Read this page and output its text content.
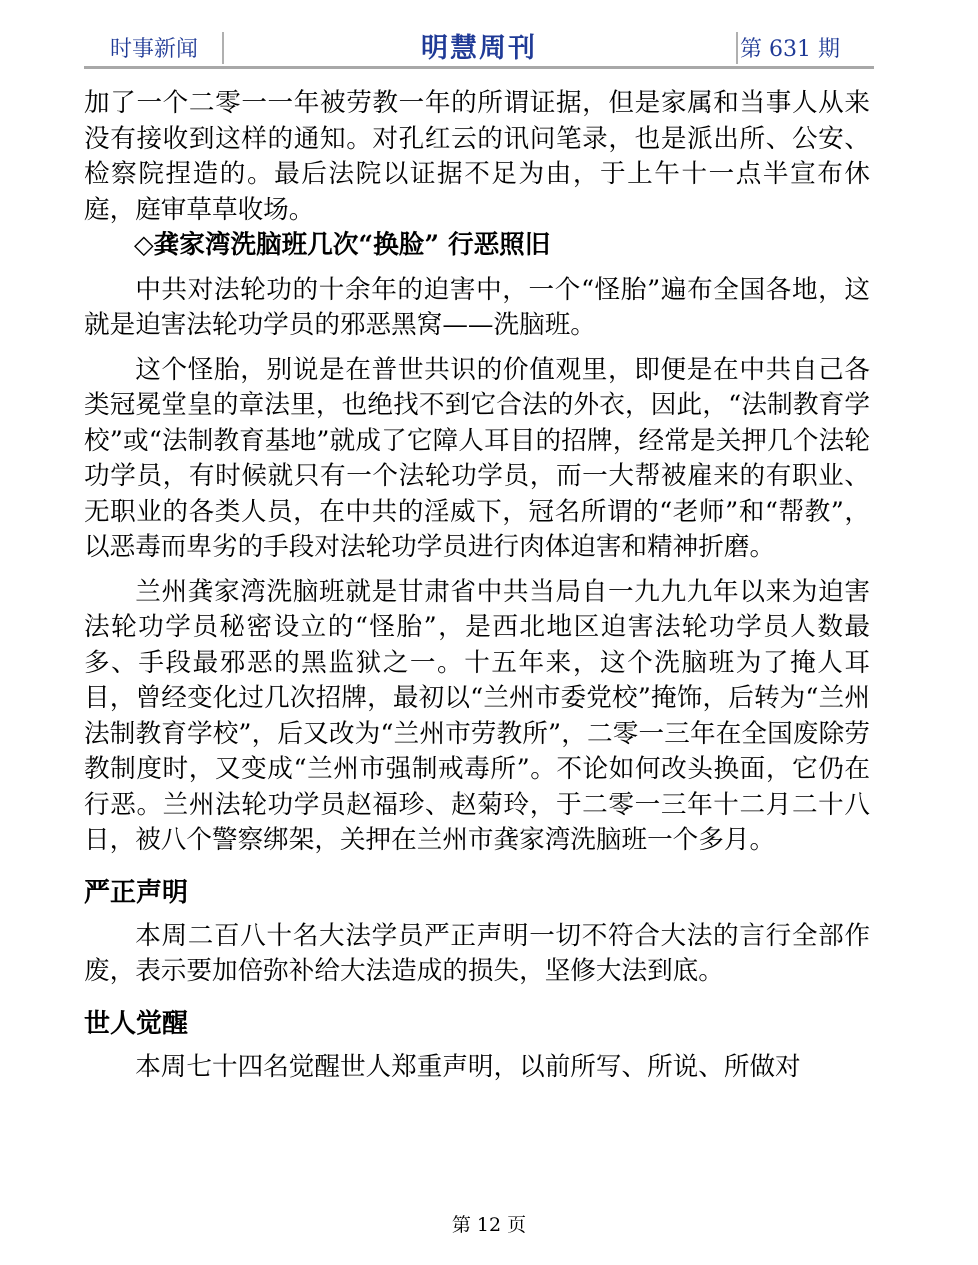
时事新闻	明慧周刊	第 631 期

加了一个二零一一年被劳教一年的所谓证据，但是家属和当事人从来没有接收到这样的通知。对孔红云的讯问笔录，也是派出所、公安、检察院捏造的。最后法院以证据不足为由，于上午十一点半宣布休庭，庭审草草收场。

◇龚家湾洗脑班几次“换脸” 行恶照旧

中共对法轮功的十余年的迫害中，一个“怪胎”遍布全国各地，这就是迫害法轮功学员的邪恶黑窝——洗脑班。

这个怪胎，别说是在普世共识的价值观里，即便是在中共自己各类冠冕堂皇的章法里，也绝找不到它合法的外衣，因此，“法制教育学校”或“法制教育基地”就成了它障人耳目的招牌，经常是关押几个法轮功学员，有时候就只有一个法轮功学员，而一大帮被雇来的有职业、无职业的各类人员，在中共的淫威下，冠名所谓的“老师”和“帮教”，以恶毒而卑劣的手段对法轮功学员进行肉体迫害和精神折磨。

兰州龚家湾洗脑班就是甘肃省中共当局自一九九九年以来为迫害法轮功学员秘密设立的“怪胎”，是西北地区迫害法轮功学员人数最多、手段最邪恶的黑监狱之一。十五年来，这个洗脑班为了掩人耳目，曾经变化过几次招牌，最初以“兰州市委党校”掩饰，后转为“兰州法制教育学校”，后又改为“兰州市劳教所”，二零一三年在全国废除劳教制度时，又变成“兰州市强制戒毒所”。不论如何改头换面，它仍在行恶。兰州法轮功学员赵福珍、赵菊玲，于二零一三年十二月二十八日，被八个警察绑架，关押在兰州市龚家湾洗脑班一个多月。

严正声明

本周二百八十名大法学员严正声明一切不符合大法的言行全部作废，表示要加倍弥补给大法造成的损失，坚修大法到底。

世人觉醒

本周七十四名觉醒世人郑重声明，以前所写、所说、所做对

第 12 页
